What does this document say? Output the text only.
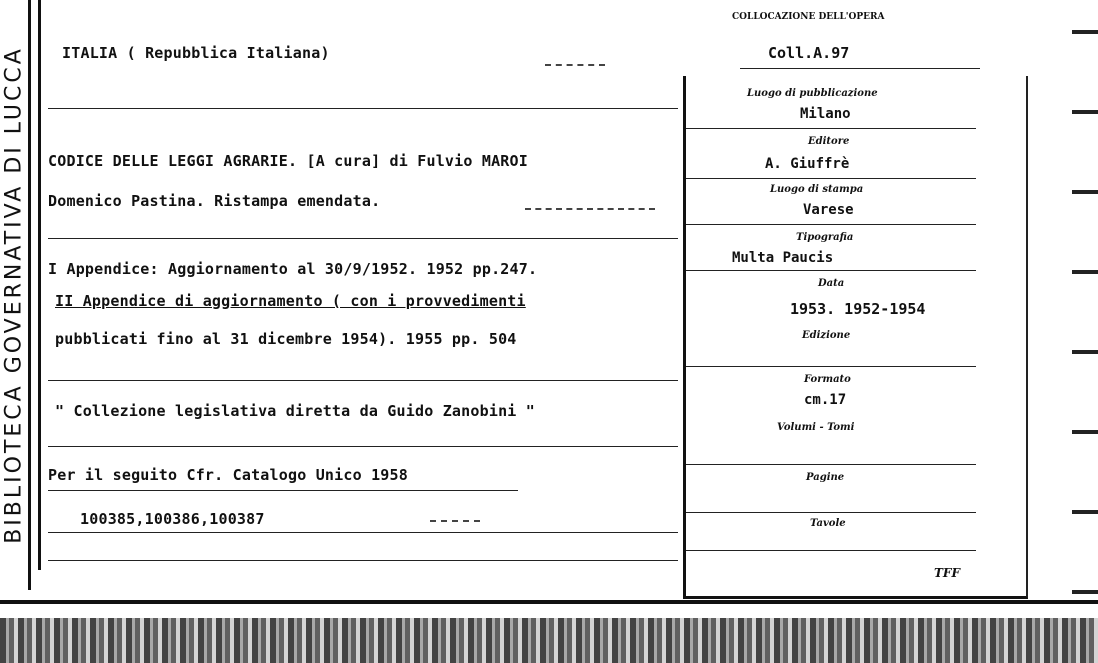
BIBLIOTECA GOVERNATIVA DI LUCCA ITALIA ( Repubblica Italiana)
CODICE DELLE LEGGI AGRARIE. [A cura] di Fulvio MAROI
Domenico Pastina. Ristampa emendata.
I Appendice: Aggiornamento al 30/9/1952. 1952 pp.247.
II Appendice di aggiornamento ( con i provvedimenti
pubblicati fino al 31 dicembre 1954). 1955 pp. 504
" Collezione legislativa diretta da Guido Zanobini "
Per il seguito Cfr. Catalogo Unico 1958
100385,100386,100387
COLLOCAZIONE DELL'OPERA
Coll.A.97
Luogo di pubblicazione
Milano
Editore
A. Giuffrè
Luogo di stampa
Varese
Tipografia
Multa Paucis
Data
1953. 1952-1954
Edizione
Formato
cm.17
Volumi - Tomi
Pagine
Tavole
TFF
